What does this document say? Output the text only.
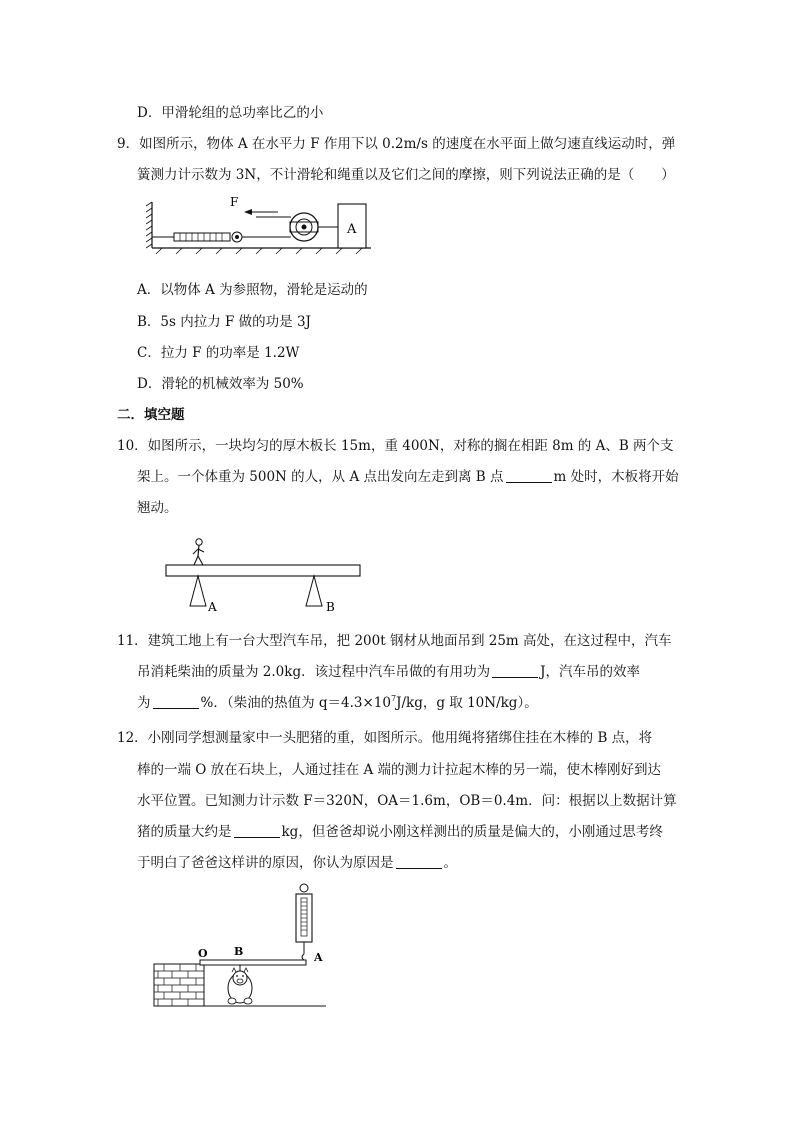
D．甲滑轮组的总功率比乙的小
9．如图所示，物体 A 在水平力 F 作用下以 0.2m/s 的速度在水平面上做匀速直线运动时，弹
簧测力计示数为 3N，不计滑轮和绳重以及它们之间的摩擦，则下列说法正确的是（　　）
F
A
A．以物体 A 为参照物，滑轮是运动的
B．5s 内拉力 F 做的功是 3J
C．拉力 F 的功率是 1.2W
D．滑轮的机械效率为 50%
二．填空题
10．如图所示，一块均匀的厚木板长 15m，重 400N，对称的搁在相距 8m 的 A、B 两个支
架上。一个体重为 500N 的人，从 A 点出发向左走到离 B 点	m 处时，木板将开始
翘动。
A	B
11．建筑工地上有一台大型汽车吊，把 200t 钢材从地面吊到 25m 高处，在这过程中，汽车
吊消耗柴油的质量为 2.0kg．该过程中汽车吊做的有用功为	J，汽车吊的效率
为	%．（柴油的热值为 $q=4.3\times 10^7J/kg$，g 取 10N/kg）。
12．小刚同学想测量家中一头肥猪的重，如图所示。他用绳将猪绑住挂在木棒的 B 点，将
棒的一端 O 放在石块上，人通过挂在 A 端的测力计拉起木棒的另一端，使木棒刚好到达
水平位置。已知测力计示数 F＝320N，OA＝1.6m，OB＝0.4m．问：根据以上数据计算
猪的质量大约是	kg，但爸爸却说小刚这样测出的质量是偏大的，小刚通过思考终
于明白了爸爸这样讲的原因，你认为原因是	。
O B	A
